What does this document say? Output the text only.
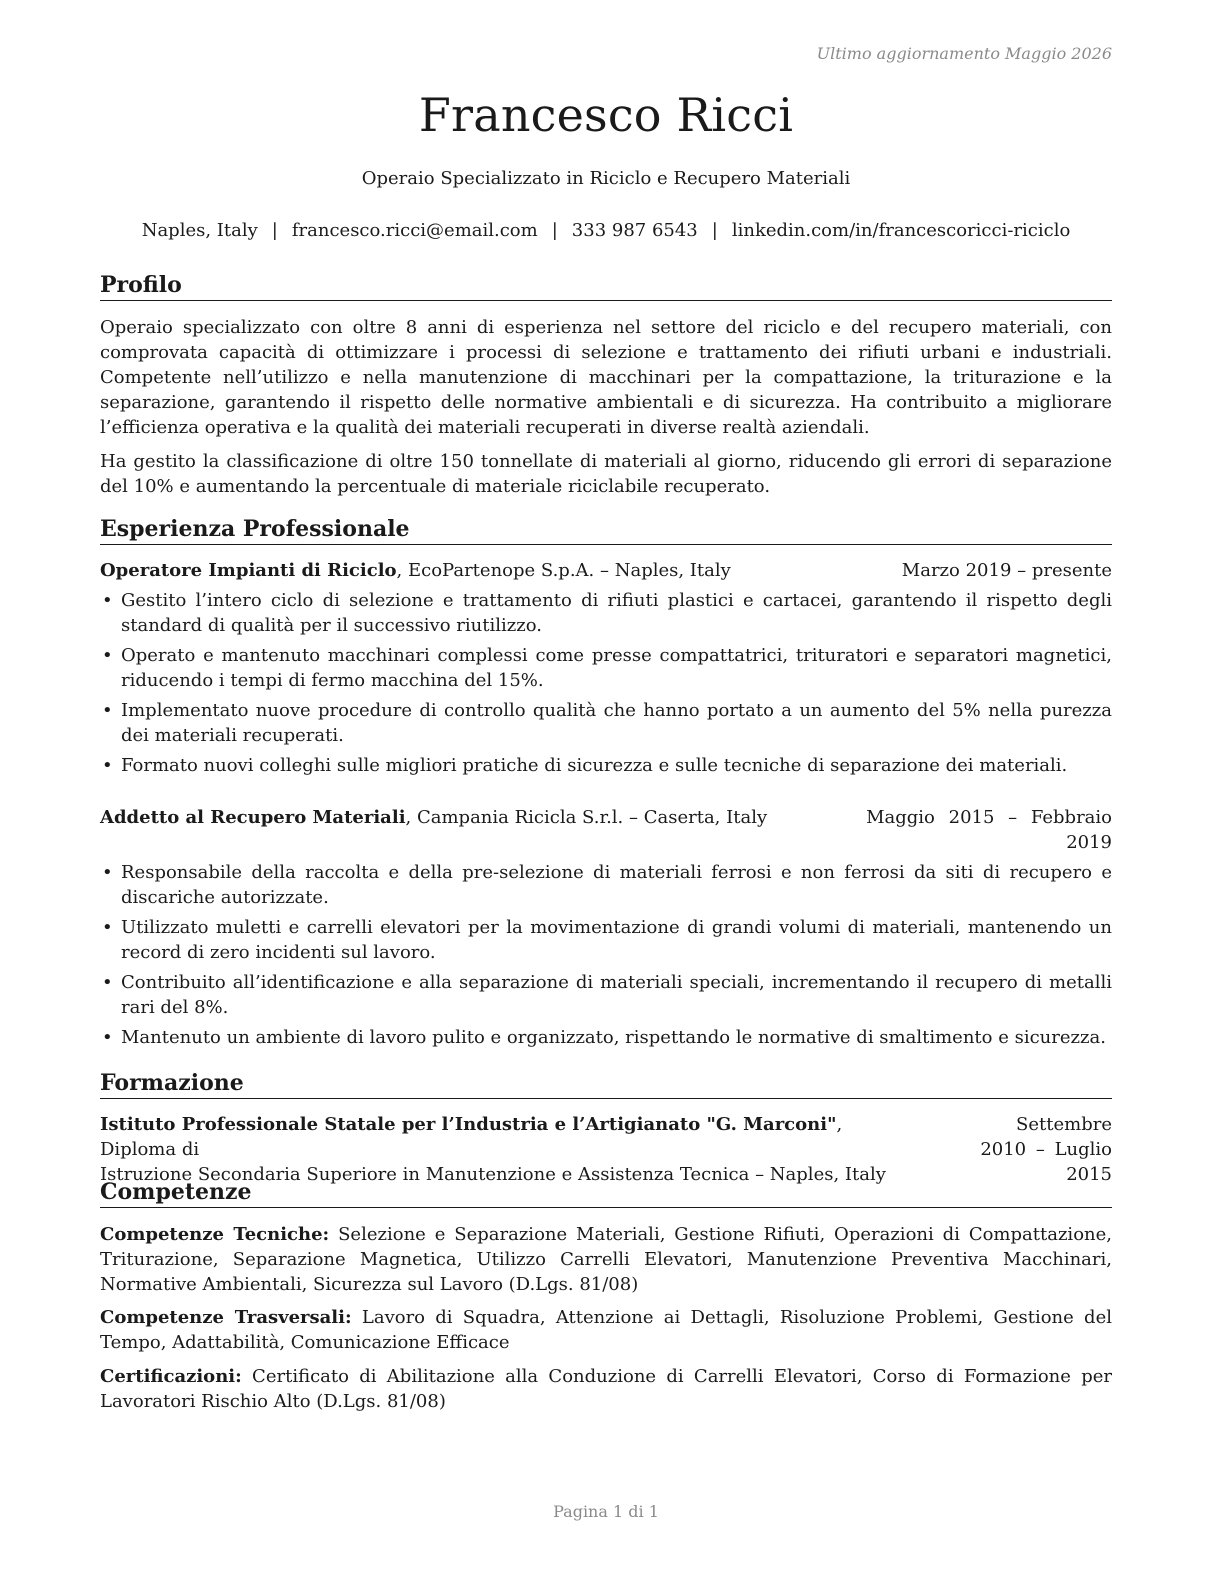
Ultimo aggiornamento Maggio 2026
Francesco Ricci
Operaio Specializzato in Riciclo e Recupero Materiali
Naples, Italy | francesco.ricci@email.com | 333 987 6543 | linkedin.com/in/francescoricci-riciclo
Profilo

Operaio specializzato con oltre 8 anni di esperienza nel settore del riciclo e del recupero materiali, con comprovata capacità di ottimizzare i processi di selezione e trattamento dei rifiuti urbani e industriali. Competente nell’utilizzo e nella manutenzione di macchinari per la compattazione, la triturazione e la separazione, garantendo il rispetto delle normative ambientali e di sicurezza. Ha contribuito a migliorare l’efficienza operativa e la qualità dei materiali recuperati in diverse realtà aziendali.

Ha gestito la classificazione di oltre 150 tonnellate di materiali al giorno, riducendo gli errori di separazione del 10% e aumentando la percentuale di materiale riciclabile recuperato.

Esperienza Professionale
Operatore Impianti di Riciclo, EcoPartenope S.p.A. – Naples, Italy	Marzo 2019 – presente
• Gestito l’intero ciclo di selezione e trattamento di rifiuti plastici e cartacei, garantendo il rispetto degli standard di qualità per il successivo riutilizzo.
• Operato e mantenuto macchinari complessi come presse compattatrici, trituratori e separatori magnetici, riducendo i tempi di fermo macchina del 15%.
• Implementato nuove procedure di controllo qualità che hanno portato a un aumento del 5% nella purezza dei materiali recuperati.
• Formato nuovi colleghi sulle migliori pratiche di sicurezza e sulle tecniche di separazione dei materiali.
Addetto al Recupero Materiali, Campania Ricicla S.r.l. – Caserta, Italy	Maggio 2015 – Febbraio
2019
• Responsabile della raccolta e della pre-selezione di materiali ferrosi e non ferrosi da siti di recupero e discariche autorizzate.
• Utilizzato muletti e carrelli elevatori per la movimentazione di grandi volumi di materiali, mantenendo un record di zero incidenti sul lavoro.
• Contribuito all’identificazione e alla separazione di materiali speciali, incrementando il recupero di metalli rari del 8%.
• Mantenuto un ambiente di lavoro pulito e organizzato, rispettando le normative di smaltimento e sicurezza.
Formazione
Istituto Professionale Statale per l’Industria e l’Artigianato "G. Marconi", Diploma di
Istruzione Secondaria Superiore in Manutenzione e Assistenza Tecnica – Naples, Italy
Settembre 2010 – Luglio
2015
Competenze

Competenze Tecniche: Selezione e Separazione Materiali, Gestione Rifiuti, Operazioni di Compattazione, Triturazione, Separazione Magnetica, Utilizzo Carrelli Elevatori, Manutenzione Preventiva Macchinari, Normative Ambientali, Sicurezza sul Lavoro (D.Lgs. 81/08)

Competenze Trasversali: Lavoro di Squadra, Attenzione ai Dettagli, Risoluzione Problemi, Gestione del Tempo, Adattabilità, Comunicazione Efficace

Certificazioni: Certificato di Abilitazione alla Conduzione di Carrelli Elevatori, Corso di Formazione per Lavoratori Rischio Alto (D.Lgs. 81/08)

Pagina 1 di 1
